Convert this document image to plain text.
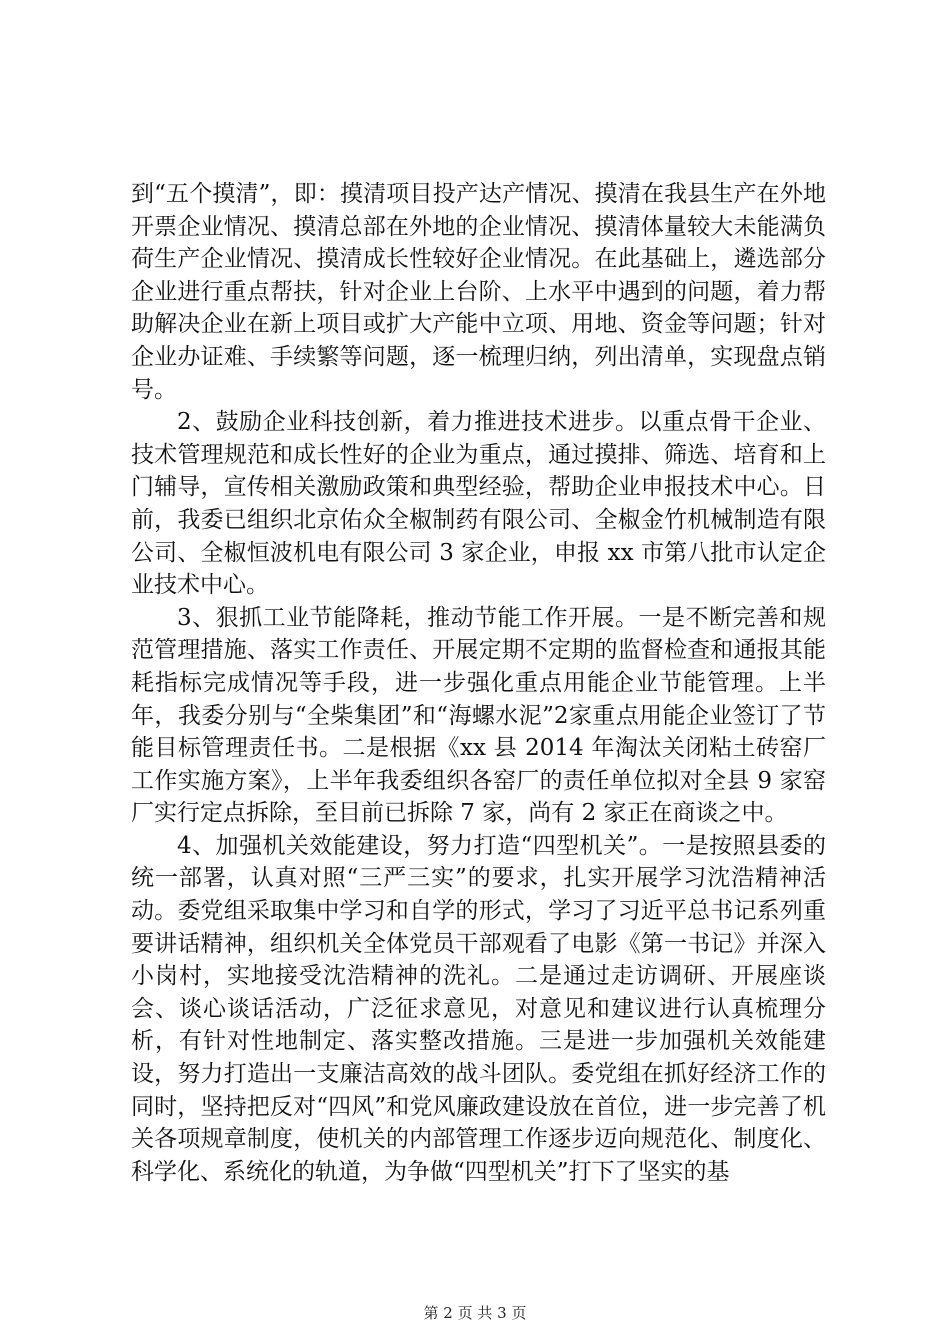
到“五个摸清”，即：摸清项目投产达产情况、摸清在我县生产在外地开票企业情况、摸清总部在外地的企业情况、摸清体量较大未能满负荷生产企业情况、摸清成长性较好企业情况。在此基础上，遴选部分企业进行重点帮扶，针对企业上台阶、上水平中遇到的问题，着力帮助解决企业在新上项目或扩大产能中立项、用地、资金等问题；针对企业办证难、手续繁等问题，逐一梳理归纳，列出清单，实现盘点销号。

2、鼓励企业科技创新，着力推进技术进步。以重点骨干企业、技术管理规范和成长性好的企业为重点，通过摸排、筛选、培育和上门辅导，宣传相关激励政策和典型经验，帮助企业申报技术中心。日前，我委已组织北京佑众全椒制药有限公司、全椒金竹机械制造有限公司、全椒恒波机电有限公司 3 家企业，申报 xx 市第八批市认定企业技术中心。

3、狠抓工业节能降耗，推动节能工作开展。一是不断完善和规范管理措施、落实工作责任、开展定期不定期的监督检查和通报其能耗指标完成情况等手段，进一步强化重点用能企业节能管理。上半年，我委分别与“全柴集团”和“海螺水泥”2家重点用能企业签订了节能目标管理责任书。二是根据《xx 县 2014 年淘汰关闭粘土砖窑厂工作实施方案》，上半年我委组织各窑厂的责任单位拟对全县 9 家窑厂实行定点拆除，至目前已拆除 7 家，尚有 2 家正在商谈之中。

4、加强机关效能建设，努力打造“四型机关”。一是按照县委的统一部署，认真对照“三严三实”的要求，扎实开展学习沈浩精神活动。委党组采取集中学习和自学的形式，学习了习近平总书记系列重要讲话精神，组织机关全体党员干部观看了电影《第一书记》并深入小岗村，实地接受沈浩精神的洗礼。二是通过走访调研、开展座谈会、谈心谈话活动，广泛征求意见，对意见和建议进行认真梳理分析，有针对性地制定、落实整改措施。三是进一步加强机关效能建设，努力打造出一支廉洁高效的战斗团队。委党组在抓好经济工作的同时，坚持把反对“四风”和党风廉政建设放在首位，进一步完善了机关各项规章制度，使机关的内部管理工作逐步迈向规范化、制度化、科学化、系统化的轨道，为争做“四型机关”打下了坚实的基

第 2 页 共 3 页
